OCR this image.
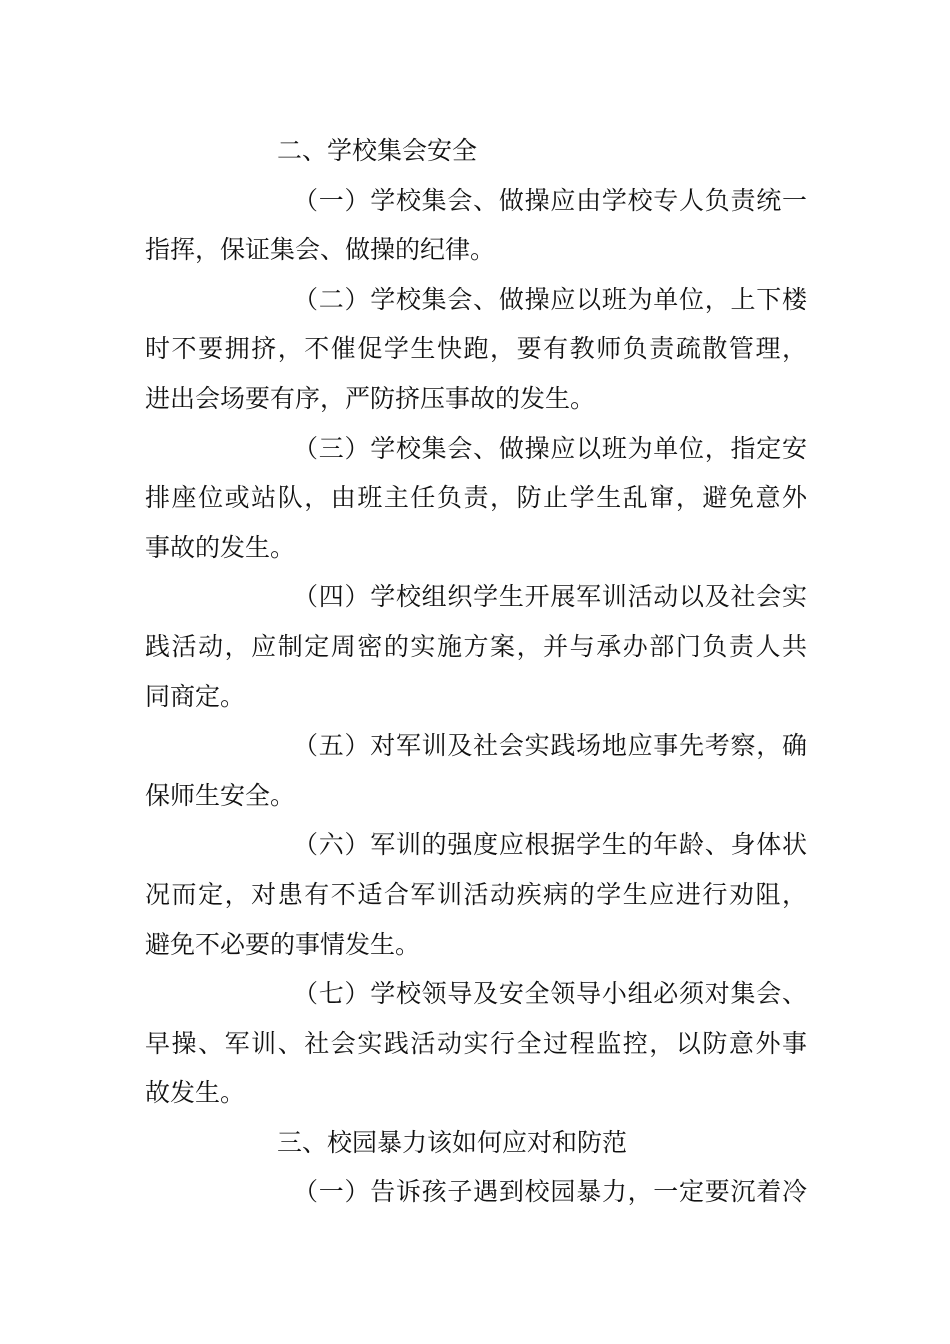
二、学校集会安全
（一）学校集会、做操应由学校专人负责统一
指挥，保证集会、做操的纪律。
（二）学校集会、做操应以班为单位，上下楼
时不要拥挤，不催促学生快跑，要有教师负责疏散管理，
进出会场要有序，严防挤压事故的发生。
（三）学校集会、做操应以班为单位，指定安
排座位或站队，由班主任负责，防止学生乱窜，避免意外
事故的发生。
（四）学校组织学生开展军训活动以及社会实
践活动，应制定周密的实施方案，并与承办部门负责人共
同商定。
（五）对军训及社会实践场地应事先考察，确
保师生安全。
（六）军训的强度应根据学生的年龄、身体状
况而定，对患有不适合军训活动疾病的学生应进行劝阻，
避免不必要的事情发生。
（七）学校领导及安全领导小组必须对集会、
早操、军训、社会实践活动实行全过程监控，以防意外事
故发生。
三、校园暴力该如何应对和防范
（一）告诉孩子遇到校园暴力，一定要沉着冷
